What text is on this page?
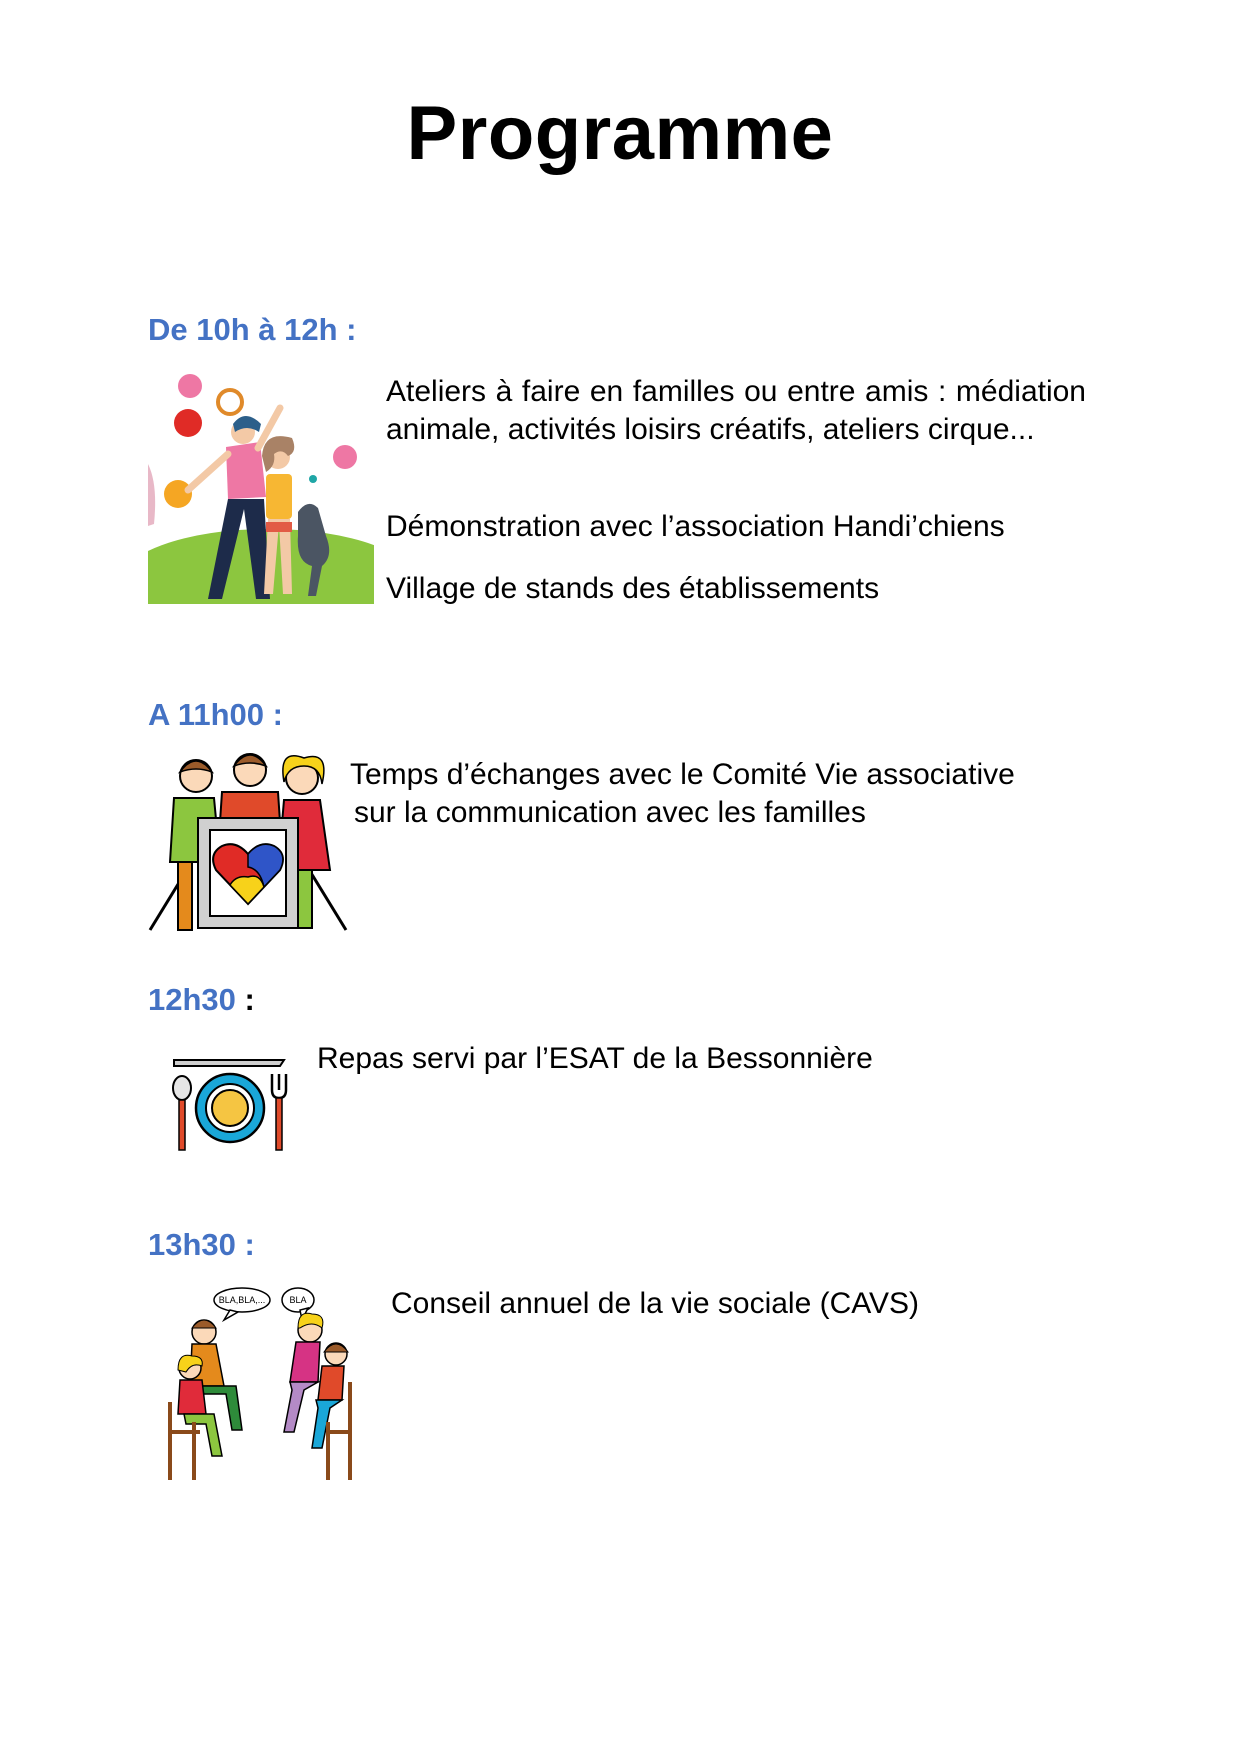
Programme
De 10h à 12h :

Ateliers à faire en familles ou entre amis : médiation animale, activités loisirs créatifs, ateliers cirque...

Démonstration avec l’association Handi’chiens

Village de stands des établissements

A 11h00 :

Temps d’échanges avec le Comité Vie associative

sur la communication avec les familles

12h30 :

Repas servi par l’ESAT de la Bessonnière

13h30 :
BLA,BLA,...	BLA	Conseil annuel de la vie sociale (CAVS)
